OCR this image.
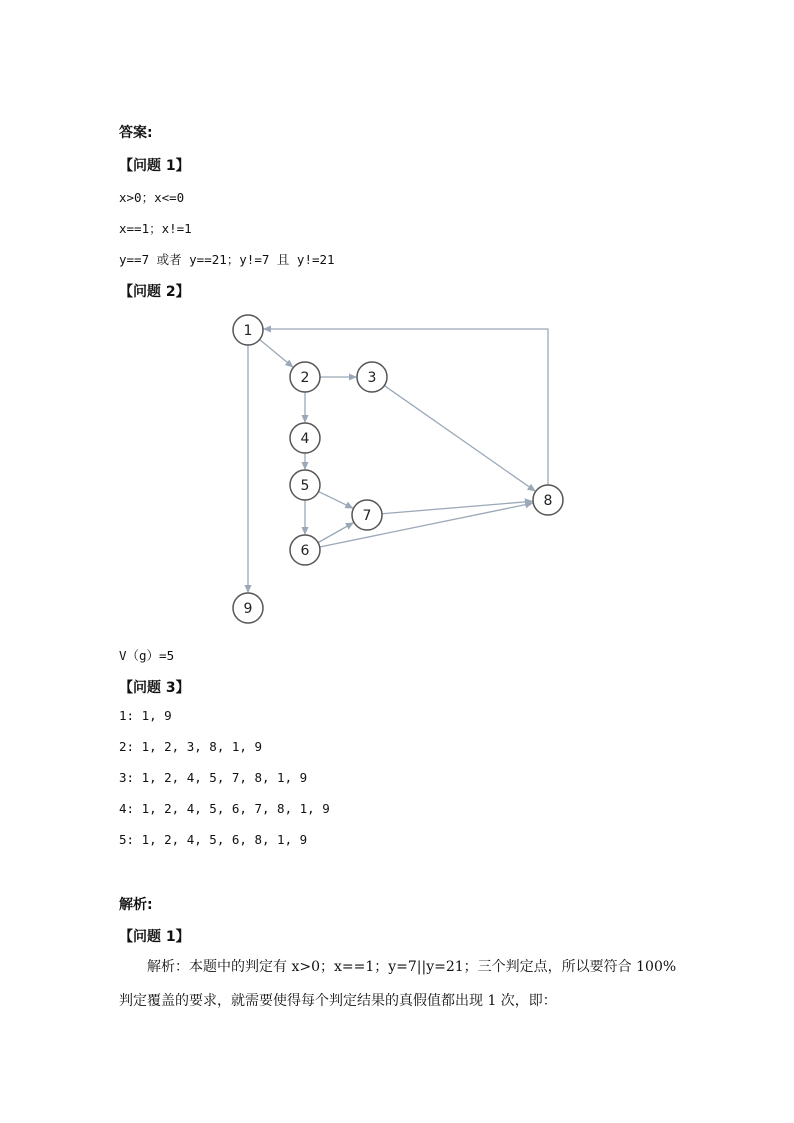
答案:
【问题 1】
x>0；x<=0
x==1；x!=1
y==7 或者 y==21；y!=7 且 y!=21
【问题 2】
1
2	3
4
5
6
7
8
9
V（g）=5
【问题 3】
1: 1, 9
2: 1, 2, 3, 8, 1, 9
3: 1, 2, 4, 5, 7, 8, 1, 9
4: 1, 2, 4, 5, 6, 7, 8, 1, 9
5: 1, 2, 4, 5, 6, 8, 1, 9
解析:
【问题 1】
解析：本题中的判定有 x>0；x==1；y=7||y=21；三个判定点，所以要符合 100%判定覆盖的要求，就需要使得每个判定结果的真假值都出现 1 次，即：
